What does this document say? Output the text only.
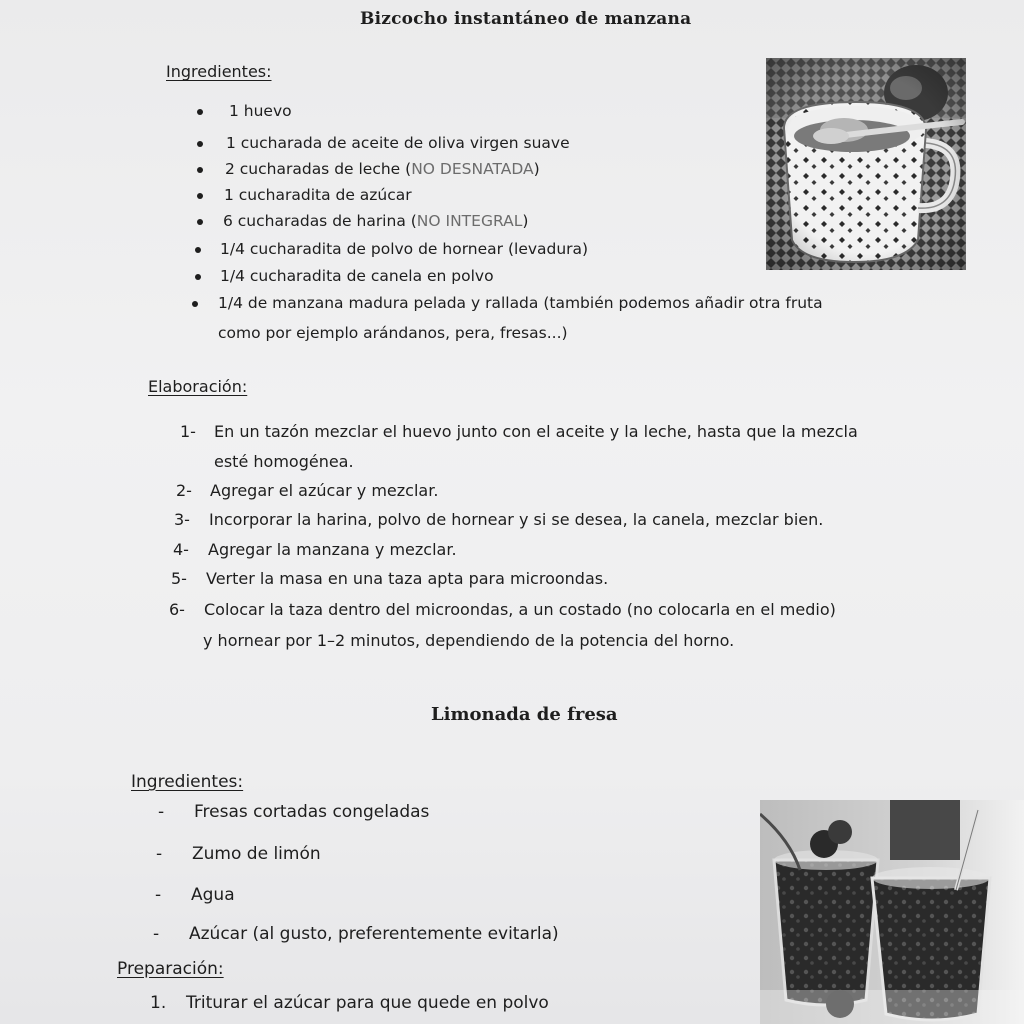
Bizcocho instantáneo de manzana
Ingredientes:
1 huevo
1 cucharada de aceite de oliva virgen suave
2 cucharadas de leche (NO DESNATADA)
1 cucharadita de azúcar
6 cucharadas de harina (NO INTEGRAL)
1/4 cucharadita de polvo de hornear (levadura)
1/4 cucharadita de canela en polvo
1/4 de manzana madura pelada y rallada (también podemos añadir otra fruta
como por ejemplo arándanos, pera, fresas...)
Elaboración:
1- En un tazón mezclar el huevo junto con el aceite y la leche, hasta que la mezcla
esté homogénea.
2- Agregar el azúcar y mezclar.
3- Incorporar la harina, polvo de hornear y si se desea, la canela, mezclar bien.
4- Agregar la manzana y mezclar.
5- Verter la masa en una taza apta para microondas.
6- Colocar la taza dentro del microondas, a un costado (no colocarla en el medio)
y hornear por 1–2 minutos, dependiendo de la potencia del horno.
Limonada de fresa
Ingredientes:
- Fresas cortadas congeladas
- Zumo de limón
- Agua
- Azúcar (al gusto, preferentemente evitarla)
Preparación:
1. Triturar el azúcar para que quede en polvo
